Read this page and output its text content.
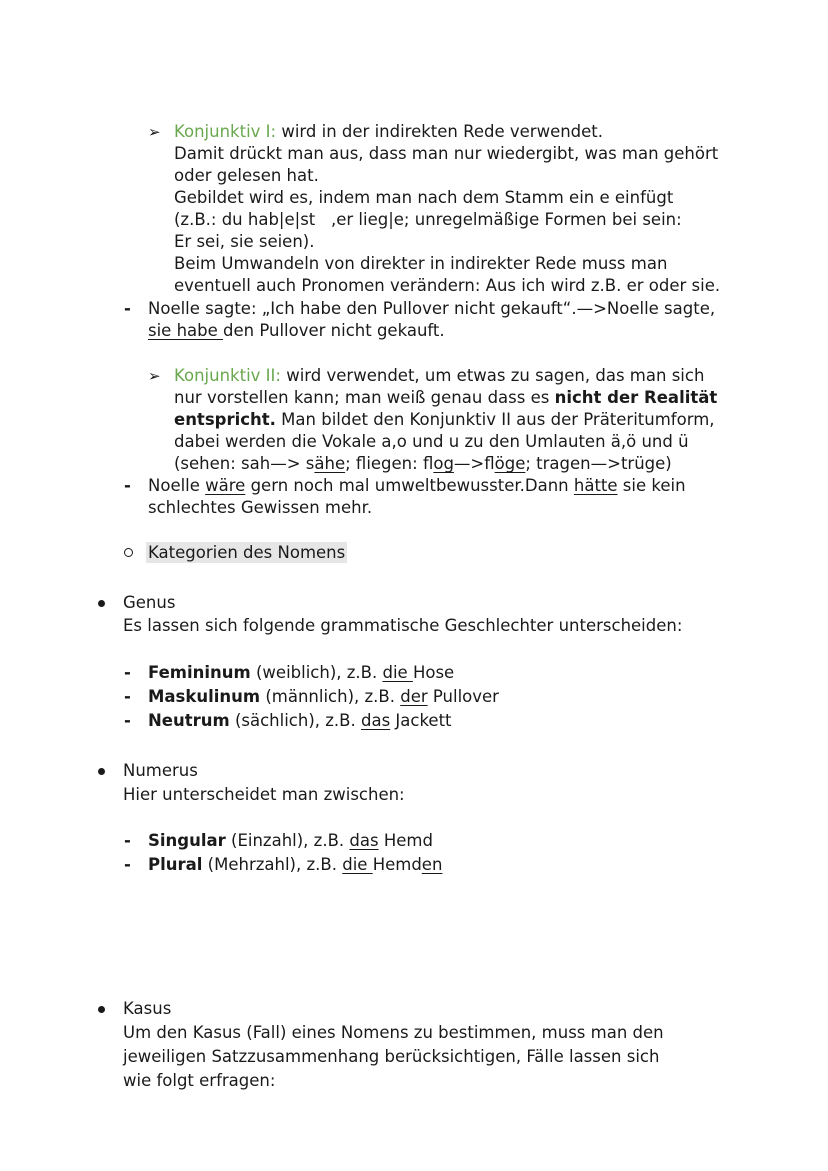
➢ Konjunktiv I: wird in der indirekten Rede verwendet.
Damit drückt man aus, dass man nur wiedergibt, was man gehört
oder gelesen hat.
Gebildet wird es, indem man nach dem Stamm ein e einfügt
(z.B.: du hab|e|st   ,er lieg|e; unregelmäßige Formen bei sein:
Er sei, sie seien).
Beim Umwandeln von direkter in indirekter Rede muss man
eventuell auch Pronomen verändern: Aus ich wird z.B. er oder sie.
- Noelle sagte: „Ich habe den Pullover nicht gekauft“.—>Noelle sagte,
sie habe den Pullover nicht gekauft.
➢ Konjunktiv II: wird verwendet, um etwas zu sagen, das man sich
nur vorstellen kann; man weiß genau dass es nicht der Realität
entspricht. Man bildet den Konjunktiv II aus der Präteritumform,
dabei werden die Vokale a,o und u zu den Umlauten ä,ö und ü
(sehen: sah—> sähe; fliegen: flog—>flöge; tragen—>trüge)
- Noelle wäre gern noch mal umweltbewusster.Dann hätte sie kein
schlechtes Gewissen mehr.
Kategorien des Nomens
Genus
Es lassen sich folgende grammatische Geschlechter unterscheiden:
- Femininum (weiblich), z.B. die Hose
- Maskulinum (männlich), z.B. der Pullover
- Neutrum (sächlich), z.B. das Jackett
Numerus
Hier unterscheidet man zwischen:
- Singular (Einzahl), z.B. das Hemd
- Plural (Mehrzahl), z.B. die Hemden
Kasus
Um den Kasus (Fall) eines Nomens zu bestimmen, muss man den
jeweiligen Satzzusammenhang berücksichtigen, Fälle lassen sich
wie folgt erfragen:
